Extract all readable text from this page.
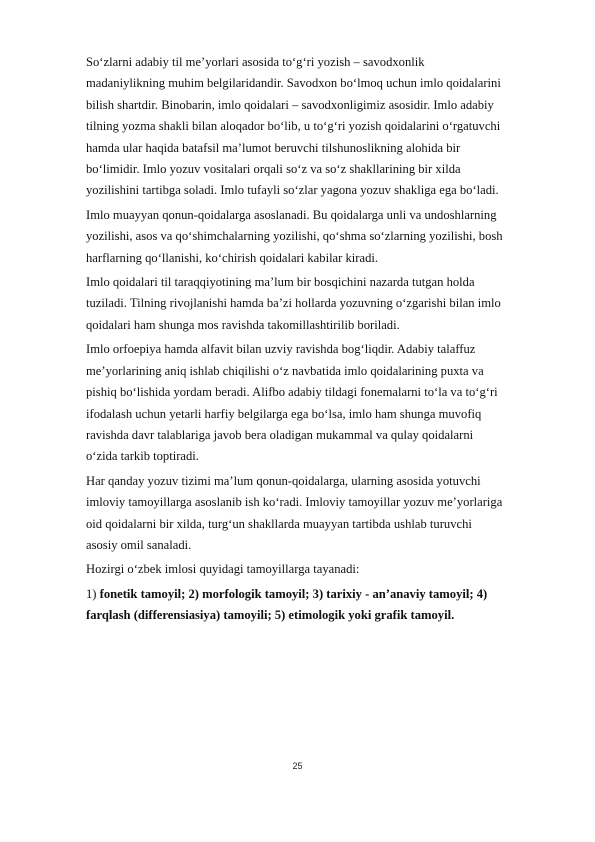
So‘zlarni adabiy til me’yorlari asosida to‘g‘ri yozish – savodxonlik
madaniylikning muhim belgilaridandir. Savodxon bo‘lmoq uchun imlo qoidalarini
bilish shartdir. Binobarin, imlo qoidalari – savodxonligimiz asosidir. Imlo adabiy
tilning yozma shakli bilan aloqador bo‘lib, u to‘g‘ri yozish qoidalarini o‘rgatuvchi
hamda ular haqida batafsil ma’lumot beruvchi tilshunoslikning alohida bir
bo‘limidir. Imlo yozuv vositalari orqali so‘z va so‘z shakllarining bir xilda
yozilishini tartibga soladi. Imlo tufayli so‘zlar yagona yozuv shakliga ega bo‘ladi.

Imlo muayyan qonun-qoidalarga asoslanadi. Bu qoidalarga unli va undoshlarning
yozilishi, asos va qo‘shimchalarning yozilishi, qo‘shma so‘zlarning yozilishi, bosh
harflarning qo‘llanishi, ko‘chirish qoidalari kabilar kiradi.

Imlo qoidalari til taraqqiyotining ma’lum bir bosqichini nazarda tutgan holda
tuziladi. Tilning rivojlanishi hamda ba’zi hollarda yozuvning o‘zgarishi bilan imlo
qoidalari ham shunga mos ravishda takomillashtirilib boriladi.

Imlo orfoepiya hamda alfavit bilan uzviy ravishda bog‘liqdir. Adabiy talaffuz
me’yorlarining aniq ishlab chiqilishi o‘z navbatida imlo qoidalarining puxta va
pishiq bo‘lishida yordam beradi. Alifbo adabiy tildagi fonemalarni to‘la va to‘g‘ri
ifodalash uchun yetarli harfiy belgilarga ega bo‘lsa, imlo ham shunga muvofiq
ravishda davr talablariga javob bera oladigan mukammal va qulay qoidalarni
o‘zida tarkib toptiradi.

Har qanday yozuv tizimi ma’lum qonun-qoidalarga, ularning asosida yotuvchi
imloviy tamoyillarga asoslanib ish ko‘radi. Imloviy tamoyillar yozuv me’yorlariga
oid qoidalarni bir xilda, turg‘un shakllarda muayyan tartibda ushlab turuvchi
asosiy omil sanaladi.

Hozirgi o‘zbek imlosi quyidagi tamoyillarga tayanadi:

1) fonetik tamoyil; 2) morfologik tamoyil; 3) tarixiy - an’anaviy tamoyil; 4)
farqlash (differensiasiya) tamoyili; 5) etimologik yoki grafik tamoyil.

25
